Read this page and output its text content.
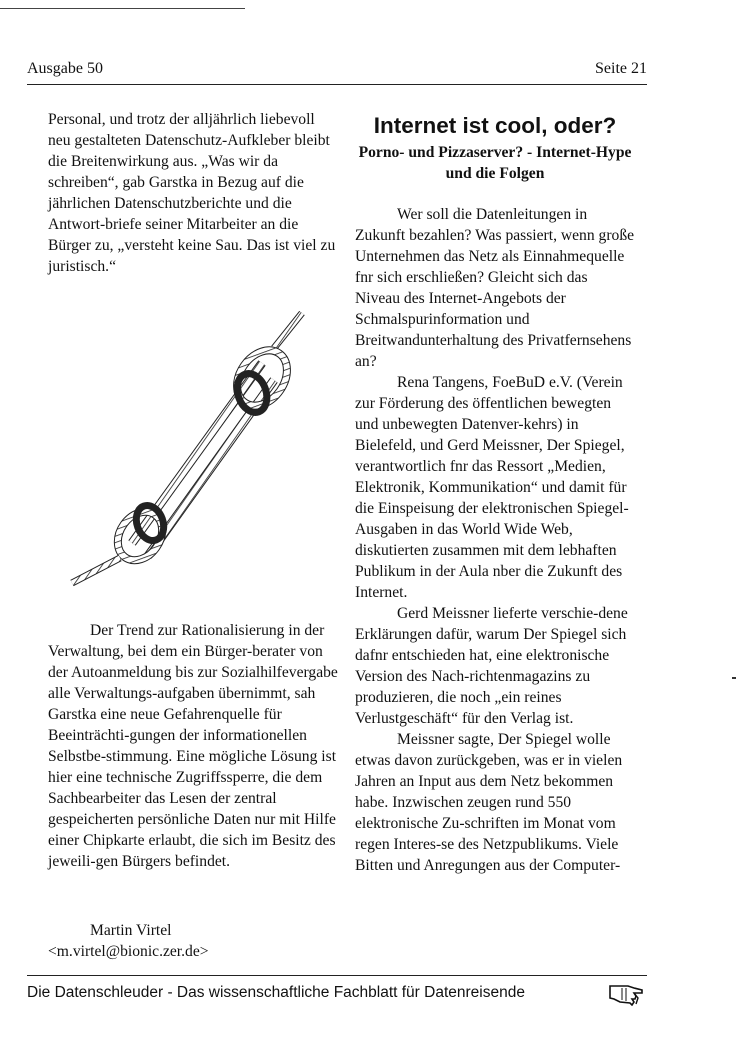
Ausgabe 50	Seite 21

Personal, und trotz der alljährlich liebevoll neu gestalteten Datenschutz-Aufkleber bleibt die Breitenwirkung aus. „Was wir da schreiben“, gab Garstka in Bezug auf die jährlichen Datenschutzberichte und die Antwort-briefe seiner Mitarbeiter an die Bürger zu, „versteht keine Sau. Das ist viel zu juristisch.“

Der Trend zur Rationalisierung in der Verwaltung, bei dem ein Bürger-berater von der Autoanmeldung bis zur Sozialhilfevergabe alle Verwaltungs-aufgaben übernimmt, sah Garstka eine neue Gefahrenquelle für Beeinträchti-gungen der informationellen Selbstbe-stimmung. Eine mögliche Lösung ist hier eine technische Zugriffssperre, die dem Sachbearbeiter das Lesen der zentral gespeicherten persönliche Daten nur mit Hilfe einer Chipkarte erlaubt, die sich im Besitz des jeweili-gen Bürgers befindet.

Martin Virtel
<m.virtel@bionic.zer.de>
Internet ist cool, oder?
Porno- und Pizzaserver? - Internet-Hype und die Folgen

Wer soll die Datenleitungen in Zukunft bezahlen? Was passiert, wenn große Unternehmen das Netz als Einnahmequelle fnr sich erschließen? Gleicht sich das Niveau des Internet-Angebots der Schmalspurinformation und Breitwandunterhaltung des Privatfernsehens an?

Rena Tangens, FoeBuD e.V. (Verein zur Förderung des öffentlichen bewegten und unbewegten Datenver-kehrs) in Bielefeld, und Gerd Meissner, Der Spiegel, verantwortlich fnr das Ressort „Medien, Elektronik, Kommunikation“ und damit für die Einspeisung der elektronischen Spiegel-Ausgaben in das World Wide Web, diskutierten zusammen mit dem lebhaften Publikum in der Aula nber die Zukunft des Internet.

Gerd Meissner lieferte verschie-dene Erklärungen dafür, warum Der Spiegel sich dafnr entschieden hat, eine elektronische Version des Nach-richtenmagazins zu produzieren, die noch „ein reines Verlustgeschäft“ für den Verlag ist.

Meissner sagte, Der Spiegel wolle etwas davon zurückgeben, was er in vielen Jahren an Input aus dem Netz bekommen habe. Inzwischen zeugen rund 550 elektronische Zu-schriften im Monat vom regen Interes-se des Netzpublikums. Viele Bitten und Anregungen aus der Computer-

Die Datenschleuder - Das wissenschaftliche Fachblatt für Datenreisende
